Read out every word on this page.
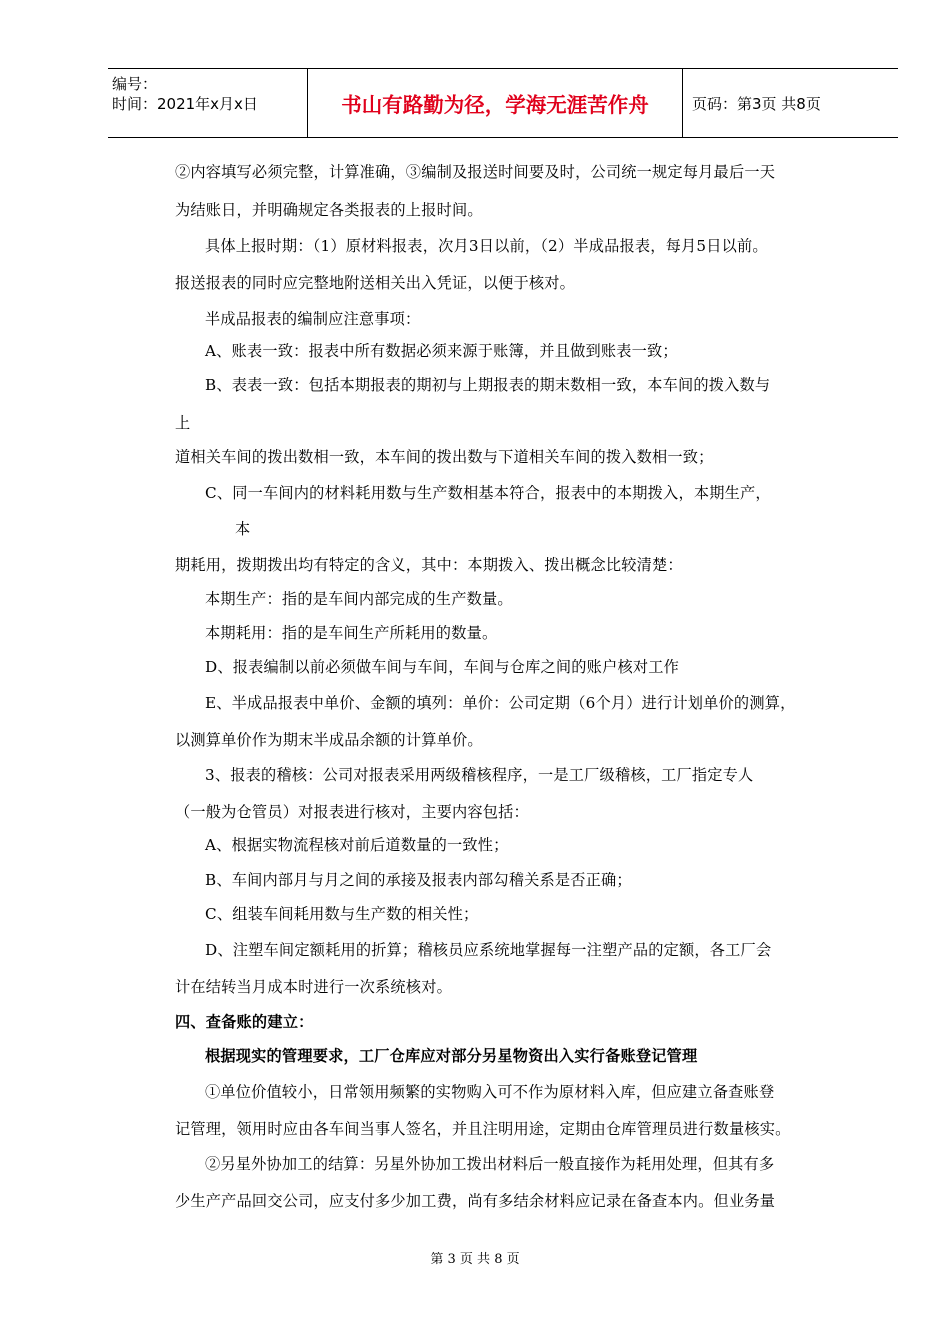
编号：
时间：2021年x月x日	书山有路勤为径，学海无涯苦作舟	页码：第3页 共8页
②内容填写必须完整，计算准确，③编制及报送时间要及时，公司统一规定每月最后一天
为结账日，并明确规定各类报表的上报时间。
具体上报时期：（1）原材料报表，次月3日以前，（2）半成品报表，每月5日以前。
报送报表的同时应完整地附送相关出入凭证，以便于核对。
半成品报表的编制应注意事项：
A、账表一致：报表中所有数据必须来源于账簿，并且做到账表一致；
B、表表一致：包括本期报表的期初与上期报表的期末数相一致，本车间的拨入数与
上
道相关车间的拨出数相一致，本车间的拨出数与下道相关车间的拨入数相一致；
C、同一车间内的材料耗用数与生产数相基本符合，报表中的本期拨入，本期生产，
本
期耗用，拨期拨出均有特定的含义，其中：本期拨入、拨出概念比较清楚：
本期生产：指的是车间内部完成的生产数量。
本期耗用：指的是车间生产所耗用的数量。
D、报表编制以前必须做车间与车间，车间与仓库之间的账户核对工作
E、半成品报表中单价、金额的填列：单价：公司定期（6个月）进行计划单价的测算，
以测算单价作为期末半成品余额的计算单价。
3、报表的稽核：公司对报表采用两级稽核程序，一是工厂级稽核，工厂指定专人
（一般为仓管员）对报表进行核对，主要内容包括：
A、根据实物流程核对前后道数量的一致性；
B、车间内部月与月之间的承接及报表内部勾稽关系是否正确；
C、组装车间耗用数与生产数的相关性；
D、注塑车间定额耗用的折算；稽核员应系统地掌握每一注塑产品的定额，各工厂会
计在结转当月成本时进行一次系统核对。
四、查备账的建立：
根据现实的管理要求，工厂仓库应对部分另星物资出入实行备账登记管理
①单位价值较小，日常领用频繁的实物购入可不作为原材料入库，但应建立备查账登
记管理，领用时应由各车间当事人签名，并且注明用途，定期由仓库管理员进行数量核实。
②另星外协加工的结算：另星外协加工拨出材料后一般直接作为耗用处理，但其有多
少生产产品回交公司，应支付多少加工费，尚有多结余材料应记录在备查本内。但业务量
第 3 页 共 8 页
